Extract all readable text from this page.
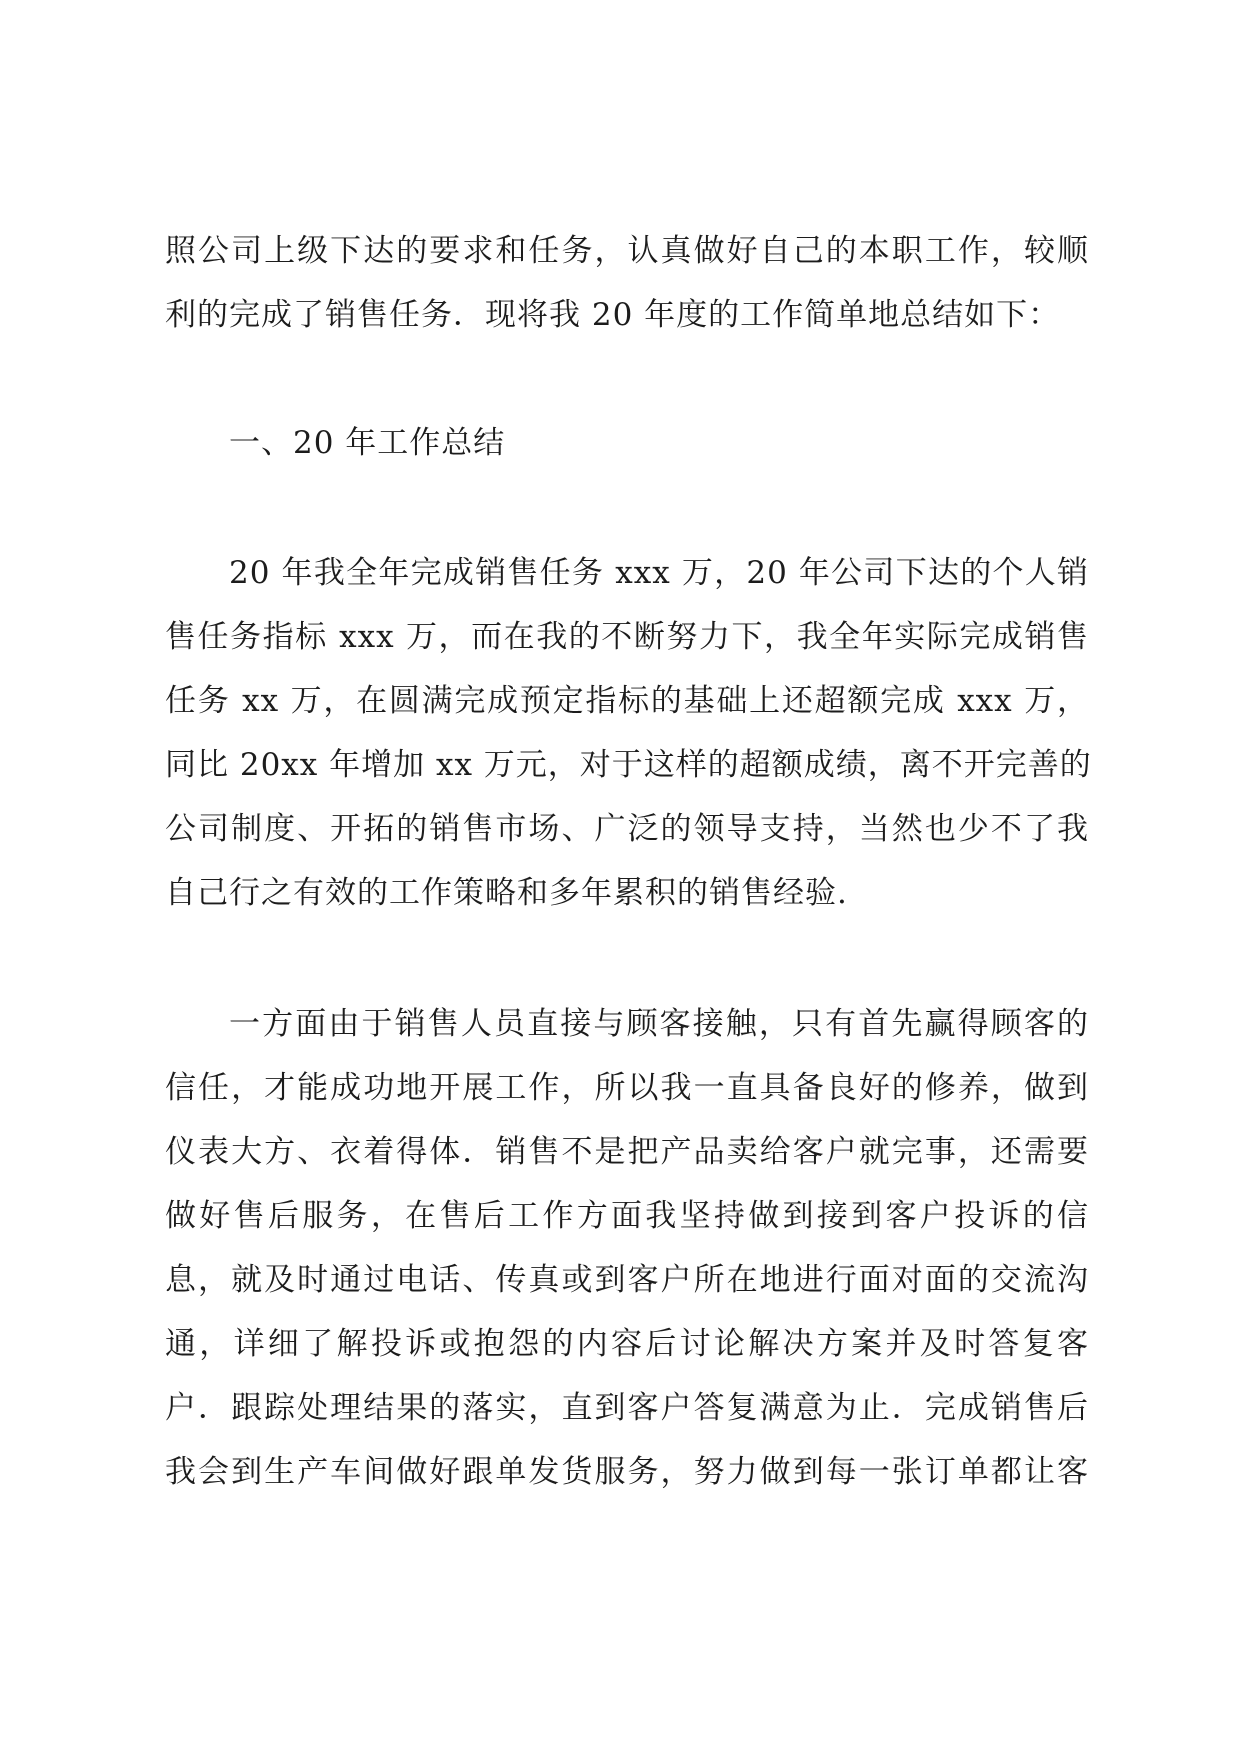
照公司上级下达的要求和任务，认真做好自己的本职工作，较顺
利的完成了销售任务．现将我 20 年度的工作简单地总结如下：
一、20 年工作总结
20 年我全年完成销售任务 xxx 万，20 年公司下达的个人销
售任务指标 xxx 万，而在我的不断努力下，我全年实际完成销售
任务 xx 万，在圆满完成预定指标的基础上还超额完成 xxx 万，
同比 20xx 年增加 xx 万元，对于这样的超额成绩，离不开完善的
公司制度、开拓的销售市场、广泛的领导支持，当然也少不了我
自己行之有效的工作策略和多年累积的销售经验.
一方面由于销售人员直接与顾客接触，只有首先赢得顾客的
信任，才能成功地开展工作，所以我一直具备良好的修养，做到
仪表大方、衣着得体．销售不是把产品卖给客户就完事，还需要
做好售后服务，在售后工作方面我坚持做到接到客户投诉的信
息，就及时通过电话、传真或到客户所在地进行面对面的交流沟
通，详细了解投诉或抱怨的内容后讨论解决方案并及时答复客
户．跟踪处理结果的落实，直到客户答复满意为止．完成销售后
我会到生产车间做好跟单发货服务，努力做到每一张订单都让客
